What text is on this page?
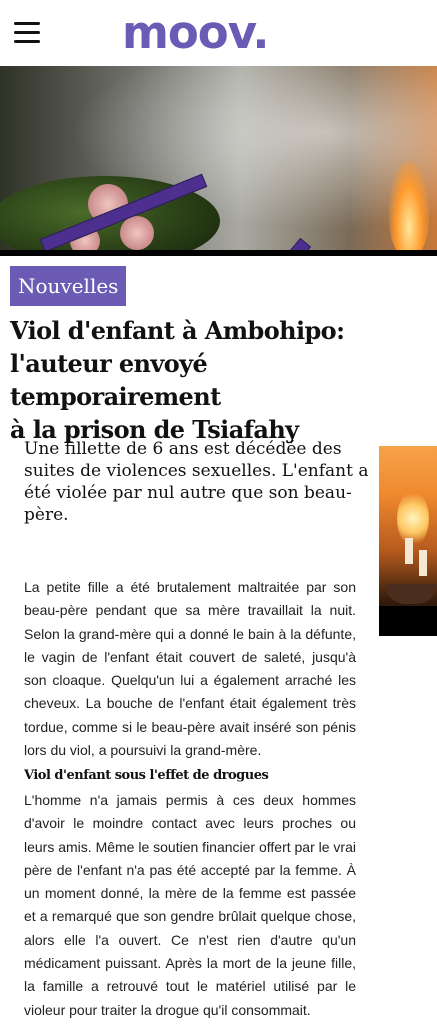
moov.
Nouvelles
Viol d'enfant à Ambohipo:
l'auteur envoyé temporairement
à la prison de Tsiafahy

Une fillette de 6 ans est décédée des suites de violences sexuelles. L'enfant a été violée par nul autre que son beau-père.

La petite fille a été brutalement maltraitée par son beau-père pendant que sa mère travaillait la nuit. Selon la grand-mère qui a donné le bain à la défunte, le vagin de l'enfant était couvert de saleté, jusqu'à son cloaque. Quelqu'un lui a également arraché les cheveux. La bouche de l'enfant était également très tordue, comme si le beau-père avait inséré son pénis lors du viol, a poursuivi la grand-mère.

Viol d'enfant sous l'effet de drogues

L'homme n'a jamais permis à ces deux hommes d'avoir le moindre contact avec leurs proches ou leurs amis. Même le soutien financier offert par le vrai père de l'enfant n'a pas été accepté par la femme. À un moment donné, la mère de la femme est passée et a remarqué que son gendre brûlait quelque chose, alors elle l'a ouvert. Ce n'est rien d'autre qu'un médicament puissant. Après la mort de la jeune fille, la famille a retrouvé tout le matériel utilisé par le violeur pour traiter la drogue qu'il consommait.
